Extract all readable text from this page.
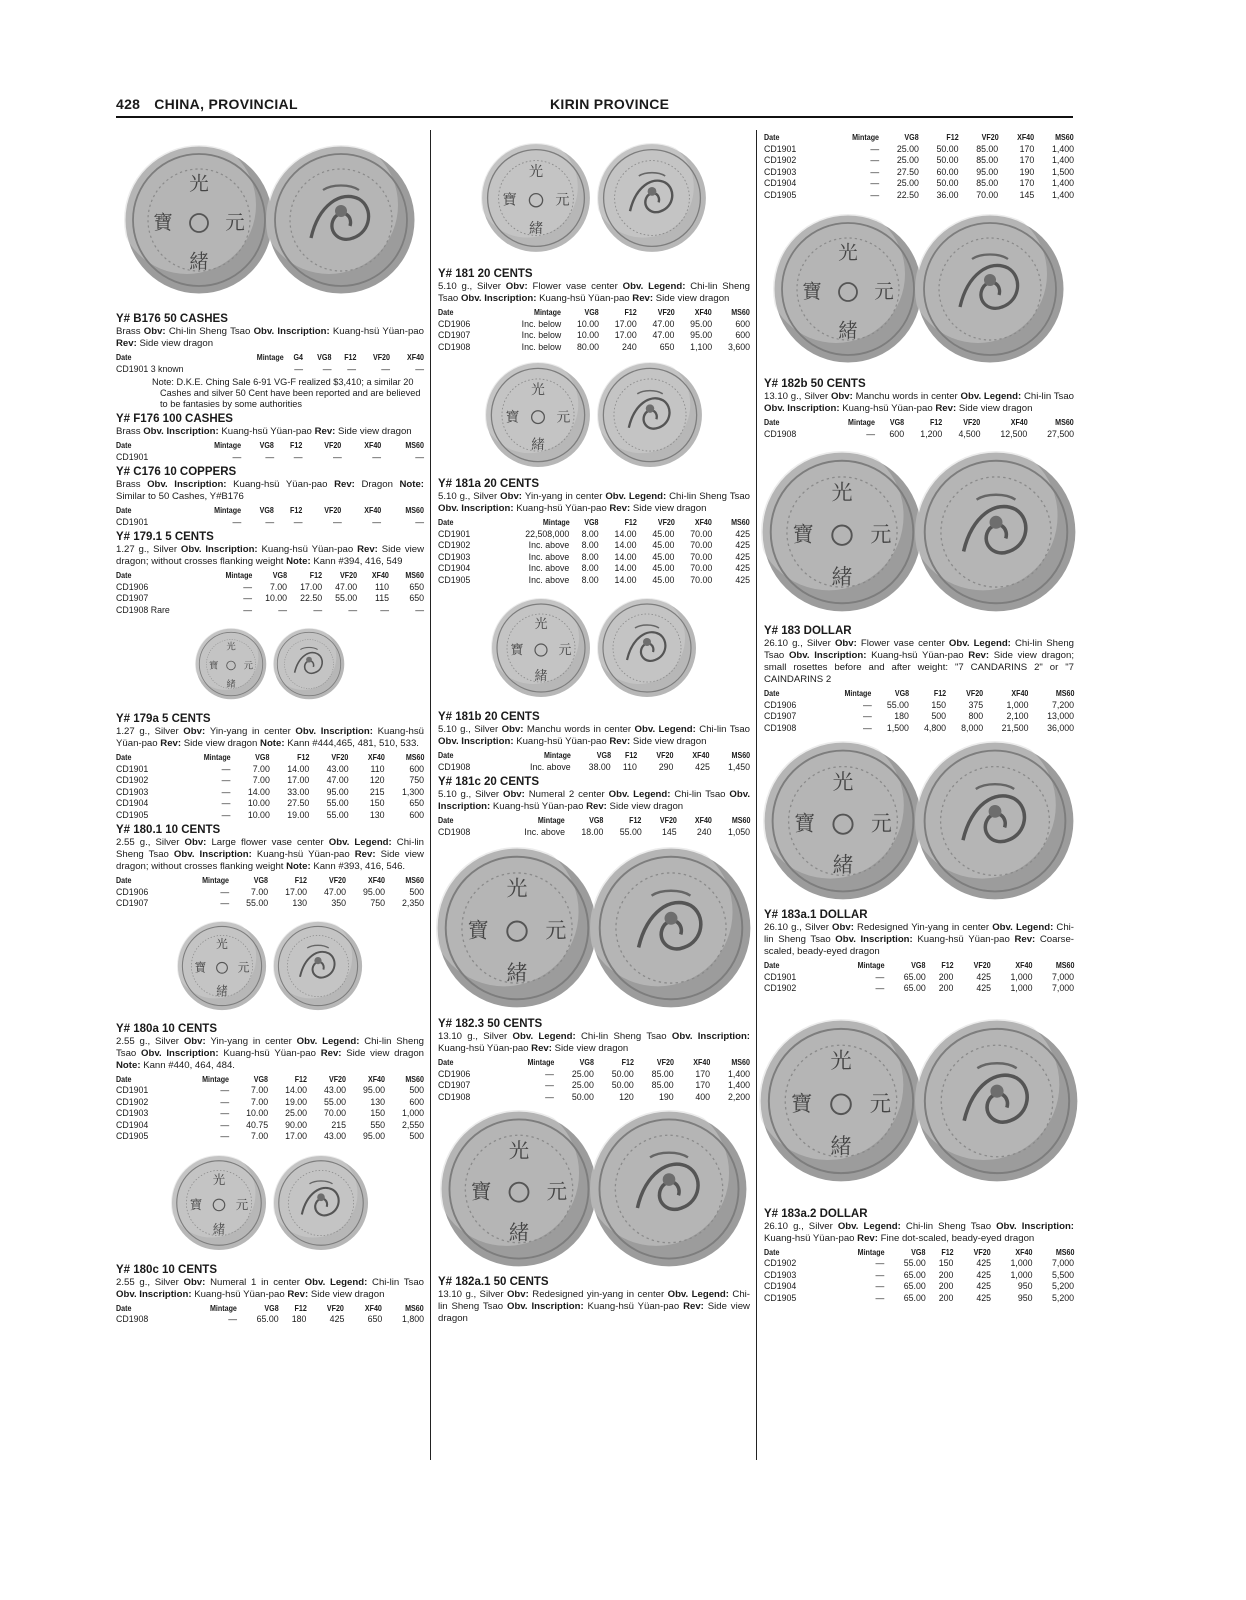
428 CHINA, PROVINCIAL	KIRIN PROVINCE
光
寶	元
緒
Y# B176 50 CASHES
Brass Obv: Chi-lin Sheng Tsao Obv. Inscription: Kuang-hsü Yüan-pao Rev: Side view dragon
Date	Mintage	G4	VG8	F12	VF20	XF40
CD1901 3 known		—	—	—	—	—
Note: D.K.E. Ching Sale 6-91 VG-F realized $3,410; a similar 20 Cashes and silver 50 Cent have been reported and are believed to be fantasies by some authorities
Y# F176 100 CASHES
Brass Obv. Inscription: Kuang-hsü Yüan-pao Rev: Side view dragon
Date	Mintage	VG8	F12	VF20	XF40	MS60
CD1901	—	—	—	—	—	—
Y# C176 10 COPPERS
Brass Obv. Inscription: Kuang-hsü Yüan-pao Rev: Dragon Note: Similar to 50 Cashes, Y#B176
Date	Mintage	VG8	F12	VF20	XF40	MS60
CD1901	—	—	—	—	—	—
Y# 179.1 5 CENTS
1.27 g., Silver Obv. Inscription: Kuang-hsü Yüan-pao Rev: Side view dragon; without crosses flanking weight Note: Kann #394, 416, 549
Date	Mintage	VG8	F12	VF20	XF40	MS60
CD1906	—	7.00	17.00	47.00	110	650
CD1907	—	10.00	22.50	55.00	115	650
CD1908 Rare	—	—	—	—	—	—
光
寶 元
緒
Y# 179a 5 CENTS
1.27 g., Silver Obv: Yin-yang in center Obv. Inscription: Kuang-hsü Yüan-pao Rev: Side view dragon Note: Kann #444,465, 481, 510, 533.
Date	Mintage	VG8	F12	VF20	XF40	MS60
CD1901	—	7.00	14.00	43.00	110	600
CD1902	—	7.00	17.00	47.00	120	750
CD1903	—	14.00	33.00	95.00	215	1,300
CD1904	—	10.00	27.50	55.00	150	650
CD1905	—	10.00	19.00	55.00	130	600
Y# 180.1 10 CENTS
2.55 g., Silver Obv: Large flower vase center Obv. Legend: Chi-lin Sheng Tsao Obv. Inscription: Kuang-hsü Yüan-pao Rev: Side view dragon; without crosses flanking weight Note: Kann #393, 416, 546.
Date	Mintage	VG8	F12	VF20	XF40	MS60
CD1906	—	7.00	17.00	47.00	95.00	500
CD1907	—	55.00	130	350	750	2,350
光
寶 元
緒
Y# 180a 10 CENTS
2.55 g., Silver Obv: Yin-yang in center Obv. Legend: Chi-lin Sheng Tsao Obv. Inscription: Kuang-hsü Yüan-pao Rev: Side view dragon Note: Kann #440, 464, 484.
Date	Mintage	VG8	F12	VF20	XF40	MS60
CD1901	—	7.00	14.00	43.00	95.00	500
CD1902	—	7.00	19.00	55.00	130	600
CD1903	—	10.00	25.00	70.00	150	1,000
CD1904	—	40.75	90.00	215	550	2,550
CD1905	—	7.00	17.00	43.00	95.00	500
光
寶	元
緒
Y# 180c 10 CENTS
2.55 g., Silver Obv: Numeral 1 in center Obv. Legend: Chi-lin Tsao Obv. Inscription: Kuang-hsü Yüan-pao Rev: Side view dragon
Date	Mintage	VG8	F12	VF20	XF40	MS60
CD1908	—	65.00	180	425	650	1,800
光
寶	元
緒
Y# 181 20 CENTS
5.10 g., Silver Obv: Flower vase center Obv. Legend: Chi-lin Sheng Tsao Obv. Inscription: Kuang-hsü Yüan-pao Rev: Side view dragon
Date	Mintage	VG8	F12	VF20	XF40	MS60
CD1906	Inc. below	10.00	17.00	47.00	95.00	600
CD1907	Inc. below	10.00	17.00	47.00	95.00	600
CD1908	Inc. below	80.00	240	650	1,100	3,600
光
寶	元
緒
Y# 181a 20 CENTS
5.10 g., Silver Obv: Yin-yang in center Obv. Legend: Chi-lin Sheng Tsao Obv. Inscription: Kuang-hsü Yüan-pao Rev: Side view dragon
Date	Mintage	VG8	F12	VF20	XF40	MS60
CD1901	22,508,000	8.00	14.00	45.00	70.00	425
CD1902	Inc. above	8.00	14.00	45.00	70.00	425
CD1903	Inc. above	8.00	14.00	45.00	70.00	425
CD1904	Inc. above	8.00	14.00	45.00	70.00	425
CD1905	Inc. above	8.00	14.00	45.00	70.00	425
光
寶	元
緒
Y# 181b 20 CENTS
5.10 g., Silver Obv: Manchu words in center Obv. Legend: Chi-lin Tsao Obv. Inscription: Kuang-hsü Yüan-pao Rev: Side view dragon
Date	Mintage	VG8	F12	VF20	XF40	MS60
CD1908	Inc. above	38.00	110	290	425	1,450
Y# 181c 20 CENTS
5.10 g., Silver Obv: Numeral 2 center Obv. Legend: Chi-lin Tsao Obv. Inscription: Kuang-hsü Yüan-pao Rev: Side view dragon
Date	Mintage	VG8	F12	VF20	XF40	MS60
CD1908	Inc. above	18.00	55.00	145	240	1,050
光
寶	元
緒
Y# 182.3 50 CENTS
13.10 g., Silver Obv. Legend: Chi-lin Sheng Tsao Obv. Inscription: Kuang-hsü Yüan-pao Rev: Side view dragon
Date	Mintage	VG8	F12	VF20	XF40	MS60
CD1906	—	25.00	50.00	85.00	170	1,400
CD1907	—	25.00	50.00	85.00	170	1,400
CD1908	—	50.00	120	190	400	2,200
光
寶	元
緒
Y# 182a.1 50 CENTS
13.10 g., Silver Obv: Redesigned yin-yang in center Obv. Legend: Chi-lin Sheng Tsao Obv. Inscription: Kuang-hsü Yüan-pao Rev: Side view dragon
Date	Mintage	VG8	F12	VF20	XF40	MS60
CD1901	—	25.00	50.00	85.00	170	1,400
CD1902	—	25.00	50.00	85.00	170	1,400
CD1903	—	27.50	60.00	95.00	190	1,500
CD1904	—	25.00	50.00	85.00	170	1,400
CD1905	—	22.50	36.00	70.00	145	1,400
光
寶	元
緒
Y# 182b 50 CENTS
13.10 g., Silver Obv: Manchu words in center Obv. Legend: Chi-lin Tsao Obv. Inscription: Kuang-hsü Yüan-pao Rev: Side view dragon
Date	Mintage	VG8	F12	VF20	XF40	MS60
CD1908	—	600	1,200	4,500	12,500	27,500
光
寶	元
緒
Y# 183 DOLLAR
26.10 g., Silver Obv: Flower vase center Obv. Legend: Chi-lin Sheng Tsao Obv. Inscription: Kuang-hsü Yüan-pao Rev: Side view dragon; small rosettes before and after weight: "7 CANDARINS 2" or "7 CAINDARINS 2
Date	Mintage	VG8	F12	VF20	XF40	MS60
CD1906	—	55.00	150	375	1,000	7,200
CD1907	—	180	500	800	2,100	13,000
CD1908	—	1,500	4,800	8,000	21,500	36,000
光
寶	元
緒
Y# 183a.1 DOLLAR
26.10 g., Silver Obv: Redesigned Yin-yang in center Obv. Legend: Chi-lin Sheng Tsao Obv. Inscription: Kuang-hsü Yüan-pao Rev: Coarse-scaled, beady-eyed dragon
Date	Mintage	VG8	F12	VF20	XF40	MS60
CD1901	—	65.00	200	425	1,000	7,000
CD1902	—	65.00	200	425	1,000	7,000
光
寶	元
緒
Y# 183a.2 DOLLAR
26.10 g., Silver Obv. Legend: Chi-lin Sheng Tsao Obv. Inscription: Kuang-hsü Yüan-pao Rev: Fine dot-scaled, beady-eyed dragon
Date	Mintage	VG8	F12	VF20	XF40	MS60
CD1902	—	55.00	150	425	1,000	7,000
CD1903	—	65.00	200	425	1,000	5,500
CD1904	—	65.00	200	425	950	5,200
CD1905	—	65.00	200	425	950	5,200
